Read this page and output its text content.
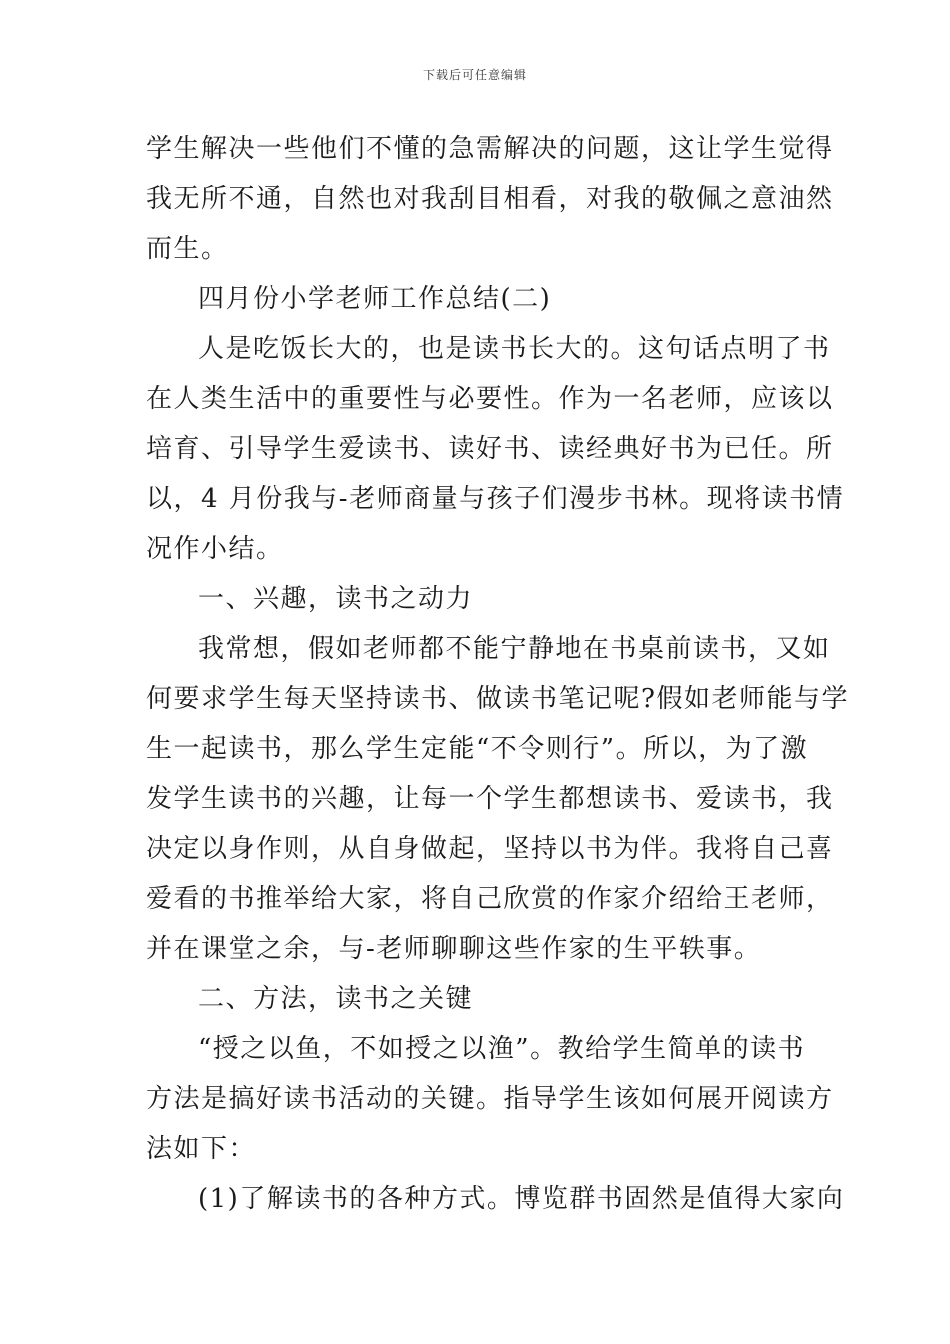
下载后可任意编辑
学生解决一些他们不懂的急需解决的问题，这让学生觉得
我无所不通，自然也对我刮目相看，对我的敬佩之意油然
而生。
四月份小学老师工作总结(二)
人是吃饭长大的，也是读书长大的。这句话点明了书
在人类生活中的重要性与必要性。作为一名老师，应该以
培育、引导学生爱读书、读好书、读经典好书为已任。所
以，4 月份我与-老师商量与孩子们漫步书林。现将读书情
况作小结。
一、兴趣，读书之动力
我常想，假如老师都不能宁静地在书桌前读书，又如
何要求学生每天坚持读书、做读书笔记呢?假如老师能与学
生一起读书，那么学生定能“不令则行”。所以，为了激
发学生读书的兴趣，让每一个学生都想读书、爱读书，我
决定以身作则，从自身做起，坚持以书为伴。我将自己喜
爱看的书推举给大家，将自己欣赏的作家介绍给王老师，
并在课堂之余，与-老师聊聊这些作家的生平轶事。
二、方法，读书之关键
“授之以鱼，不如授之以渔”。教给学生简单的读书
方法是搞好读书活动的关键。指导学生该如何展开阅读方
法如下：
(1)了解读书的各种方式。博览群书固然是值得大家向
